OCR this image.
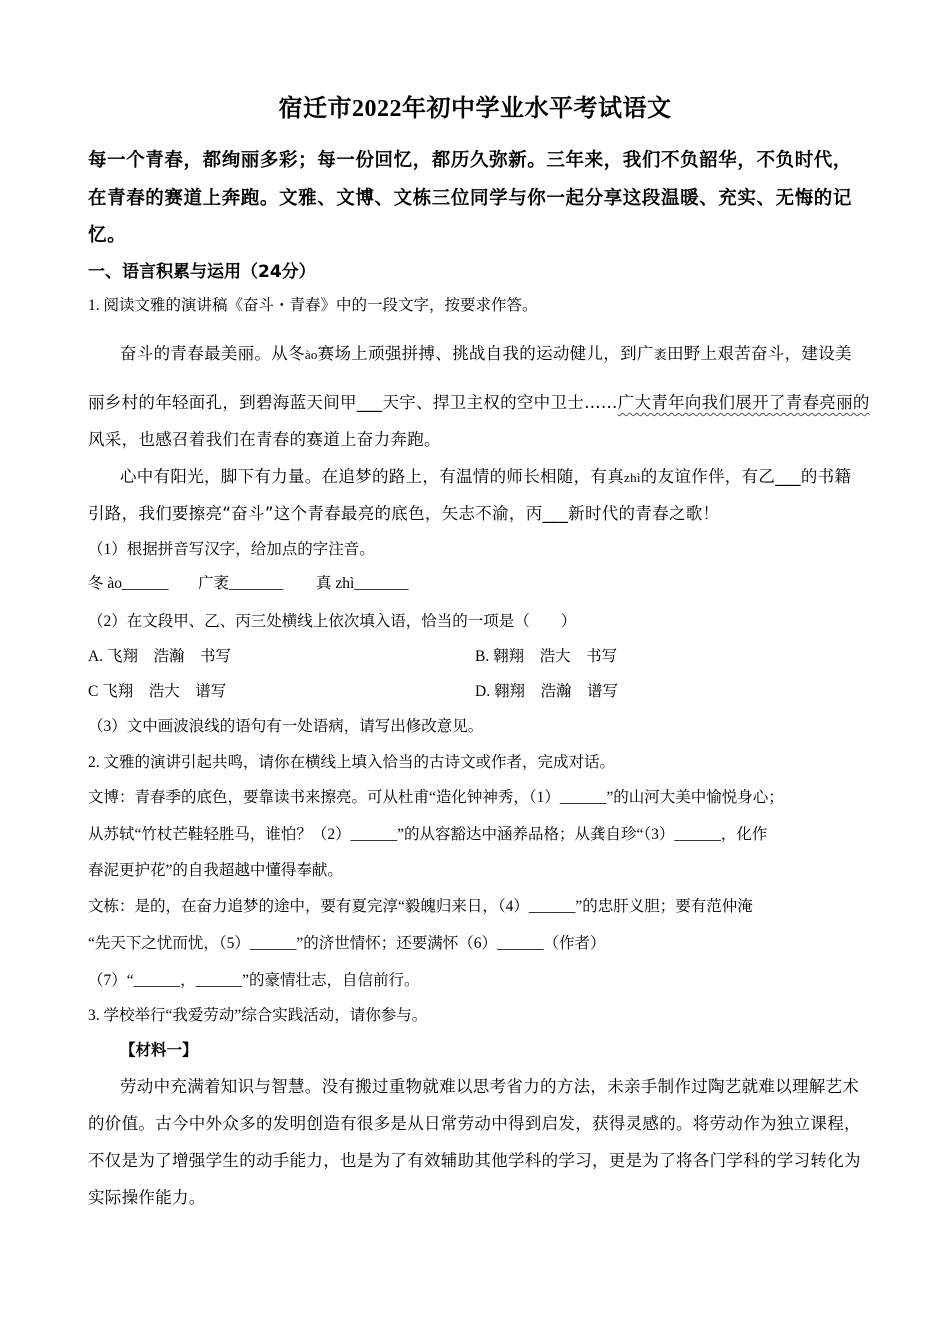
宿迁市2022年初中学业水平考试语文
每一个青春，都绚丽多彩；每一份回忆，都历久弥新。三年来，我们不负韶华，不负时代，
在青春的赛道上奔跑。文雅、文博、文栋三位同学与你一起分享这段温暖、充实、无悔的记
忆。
一、语言积累与运用（24分）
1. 阅读文雅的演讲稿《奋斗・青春》中的一段文字，按要求作答。
奋斗的青春最美丽。从冬ào赛场上顽强拼搏、挑战自我的运动健儿，到广袤田野上艰苦奋斗，建设美
丽乡村的年轻面孔，到碧海蓝天间甲___天宇、捍卫主权的空中卫士……广大青年向我们展开了青春亮丽的
风采，也感召着我们在青春的赛道上奋力奔跑。
心中有阳光，脚下有力量。在追梦的路上，有温情的师长相随，有真zhì的友谊作伴，有乙___的书籍
引路，我们要擦亮“奋斗”这个青春最亮的底色，矢志不渝，丙___新时代的青春之歌！
（1）根据拼音写汉字，给加点的字注音。
冬 ào______ 广袤_______ 真 zhì_______
（2）在文段甲、乙、丙三处横线上依次填入语，恰当的一项是（　　）
A. 飞翔　浩瀚　书写	B. 翱翔　浩大　书写
C 飞翔　浩大　谱写	D. 翱翔　浩瀚　谱写
（3）文中画波浪线的语句有一处语病，请写出修改意见。
2. 文雅的演讲引起共鸣，请你在横线上填入恰当的古诗文或作者，完成对话。
文博：青春季的底色，要靠读书来擦亮。可从杜甫“造化钟神秀，（1）______”的山河大美中愉悦身心；
从苏轼“竹杖芒鞋轻胜马，谁怕？（2）______”的从容豁达中涵养品格；从龚自珍“（3）______，化作
春泥更护花”的自我超越中懂得奉献。
文栋：是的，在奋力追梦的途中，要有夏完淳“毅魄归来日，（4）______”的忠肝义胆；要有范仲淹
“先天下之忧而忧，（5）______”的济世情怀；还要满怀（6）______（作者）
（7）“______，______”的豪情壮志，自信前行。
3. 学校举行“我爱劳动”综合实践活动，请你参与。
【材料一】
劳动中充满着知识与智慧。没有搬过重物就难以思考省力的方法，未亲手制作过陶艺就难以理解艺术
的价值。古今中外众多的发明创造有很多是从日常劳动中得到启发，获得灵感的。将劳动作为独立课程，
不仅是为了增强学生的动手能力，也是为了有效辅助其他学科的学习，更是为了将各门学科的学习转化为
实际操作能力。
